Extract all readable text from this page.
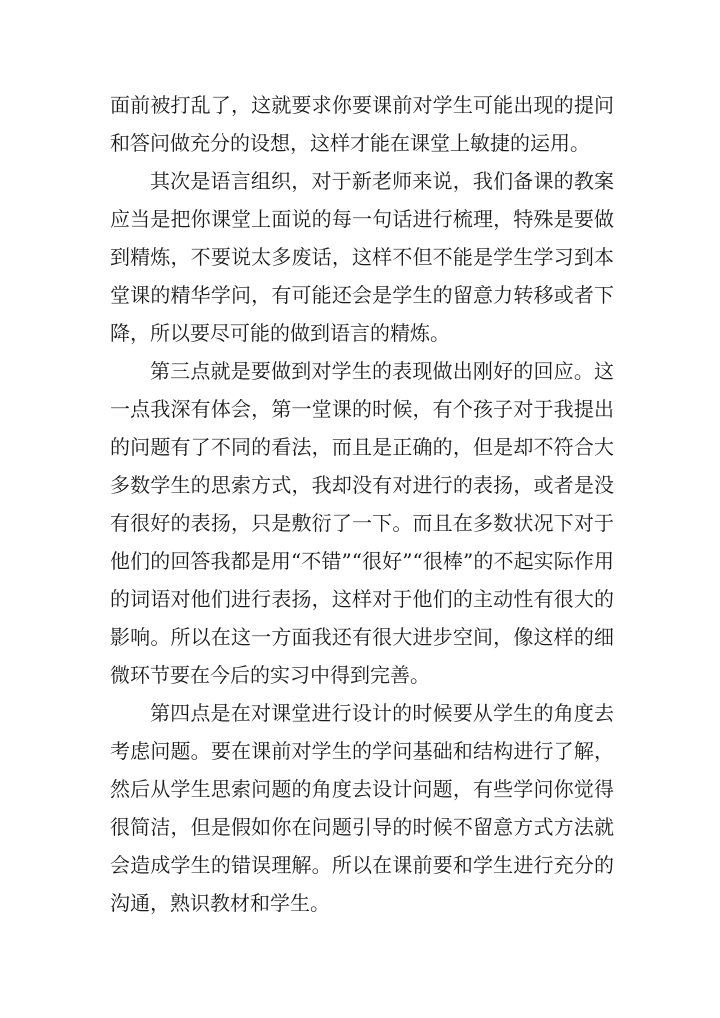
面前被打乱了，这就要求你要课前对学生可能出现的提问和答问做充分的设想，这样才能在课堂上敏捷的运用。

其次是语言组织，对于新老师来说，我们备课的教案应当是把你课堂上面说的每一句话进行梳理，特殊是要做到精炼，不要说太多废话，这样不但不能是学生学习到本堂课的精华学问，有可能还会是学生的留意力转移或者下降，所以要尽可能的做到语言的精炼。

第三点就是要做到对学生的表现做出刚好的回应。这一点我深有体会，第一堂课的时候，有个孩子对于我提出的问题有了不同的看法，而且是正确的，但是却不符合大多数学生的思索方式，我却没有对进行的表扬，或者是没有很好的表扬，只是敷衍了一下。而且在多数状况下对于他们的回答我都是用“不错”“很好”“很棒”的不起实际作用的词语对他们进行表扬，这样对于他们的主动性有很大的影响。所以在这一方面我还有很大进步空间，像这样的细微环节要在今后的实习中得到完善。

第四点是在对课堂进行设计的时候要从学生的角度去考虑问题。要在课前对学生的学问基础和结构进行了解，然后从学生思索问题的角度去设计问题，有些学问你觉得很简洁，但是假如你在问题引导的时候不留意方式方法就会造成学生的错误理解。所以在课前要和学生进行充分的沟通，熟识教材和学生。
